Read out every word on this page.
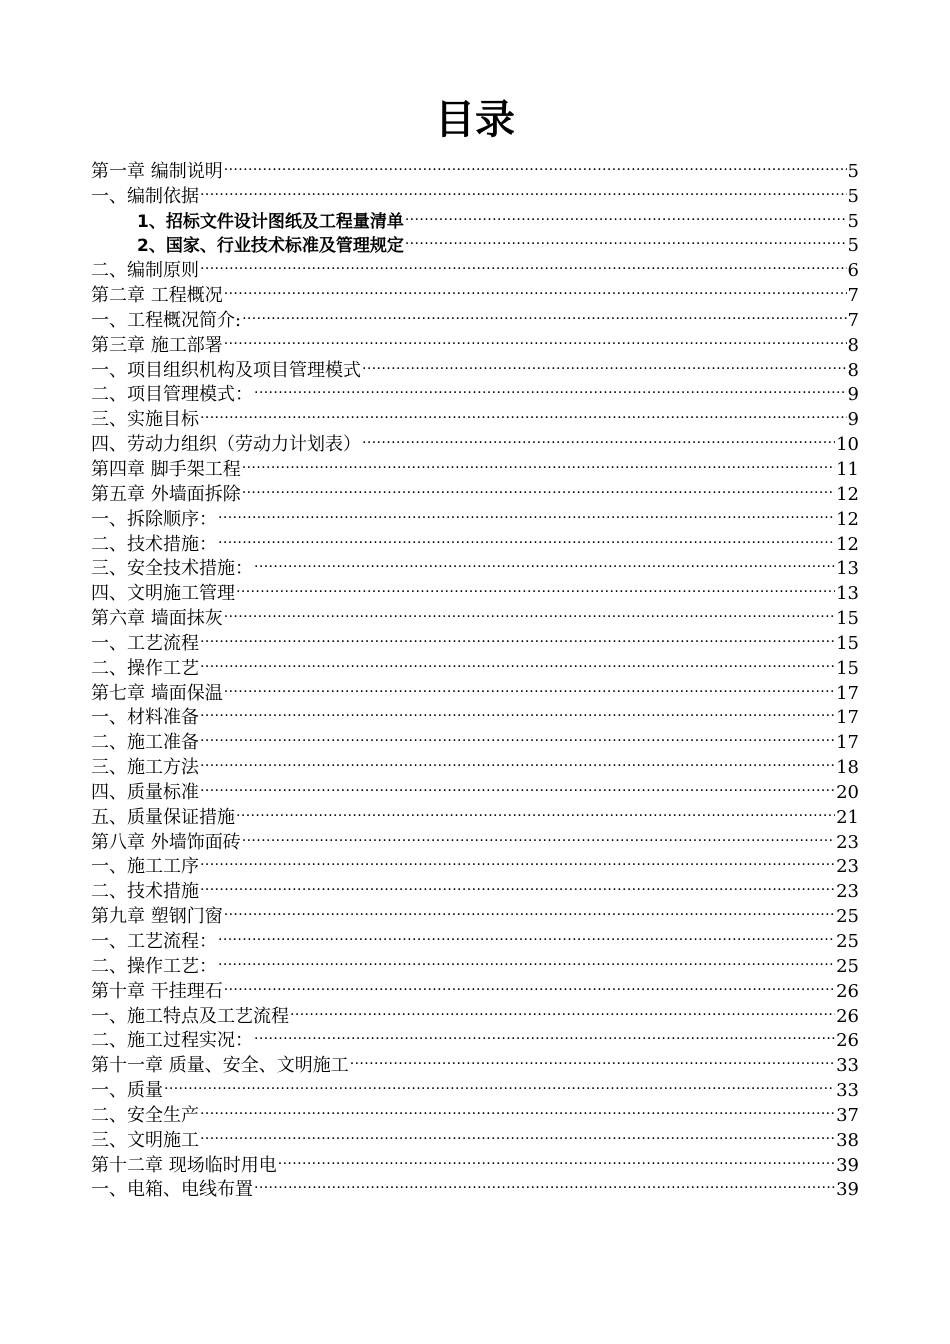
目录
第一章 编制说明 .....	5
一、编制依据 .....	5
1、招标文件设计图纸及工程量清单 .....	5
2、国家、行业技术标准及管理规定 .....	5
二、编制原则 .....	6
第二章 工程概况 .....	7
一、工程概况简介: .....	7
第三章 施工部署 .....	8
一、项目组织机构及项目管理模式 .....	8
二、项目管理模式： .....	9
三、实施目标 .....	9
四、劳动力组织（劳动力计划表） .....	10
第四章 脚手架工程 .....	11
第五章 外墙面拆除 .....	12
一、拆除顺序： .....	12
二、技术措施： .....	12
三、安全技术措施： .....	13
四、文明施工管理 .....	13
第六章 墙面抹灰 .....	15
一、工艺流程 .....	15
二、操作工艺 .....	15
第七章 墙面保温 .....	17
一、材料准备 .....	17
二、施工准备 .....	17
三、施工方法 .....	18
四、质量标准 .....	20
五、质量保证措施 .....	21
第八章 外墙饰面砖 .....	23
一、施工工序 .....	23
二、技术措施 .....	23
第九章 塑钢门窗 .....	25
一、工艺流程： .....	25
二、操作工艺： .....	25
第十章 干挂理石 .....	26
一、施工特点及工艺流程 .....	26
二、施工过程实况： .....	26
第十一章 质量、安全、文明施工 .....	33
一、质量 .....	33
二、安全生产 .....	37
三、文明施工 .....	38
第十二章 现场临时用电 .....	39
一、电箱、电线布置 .....	39
